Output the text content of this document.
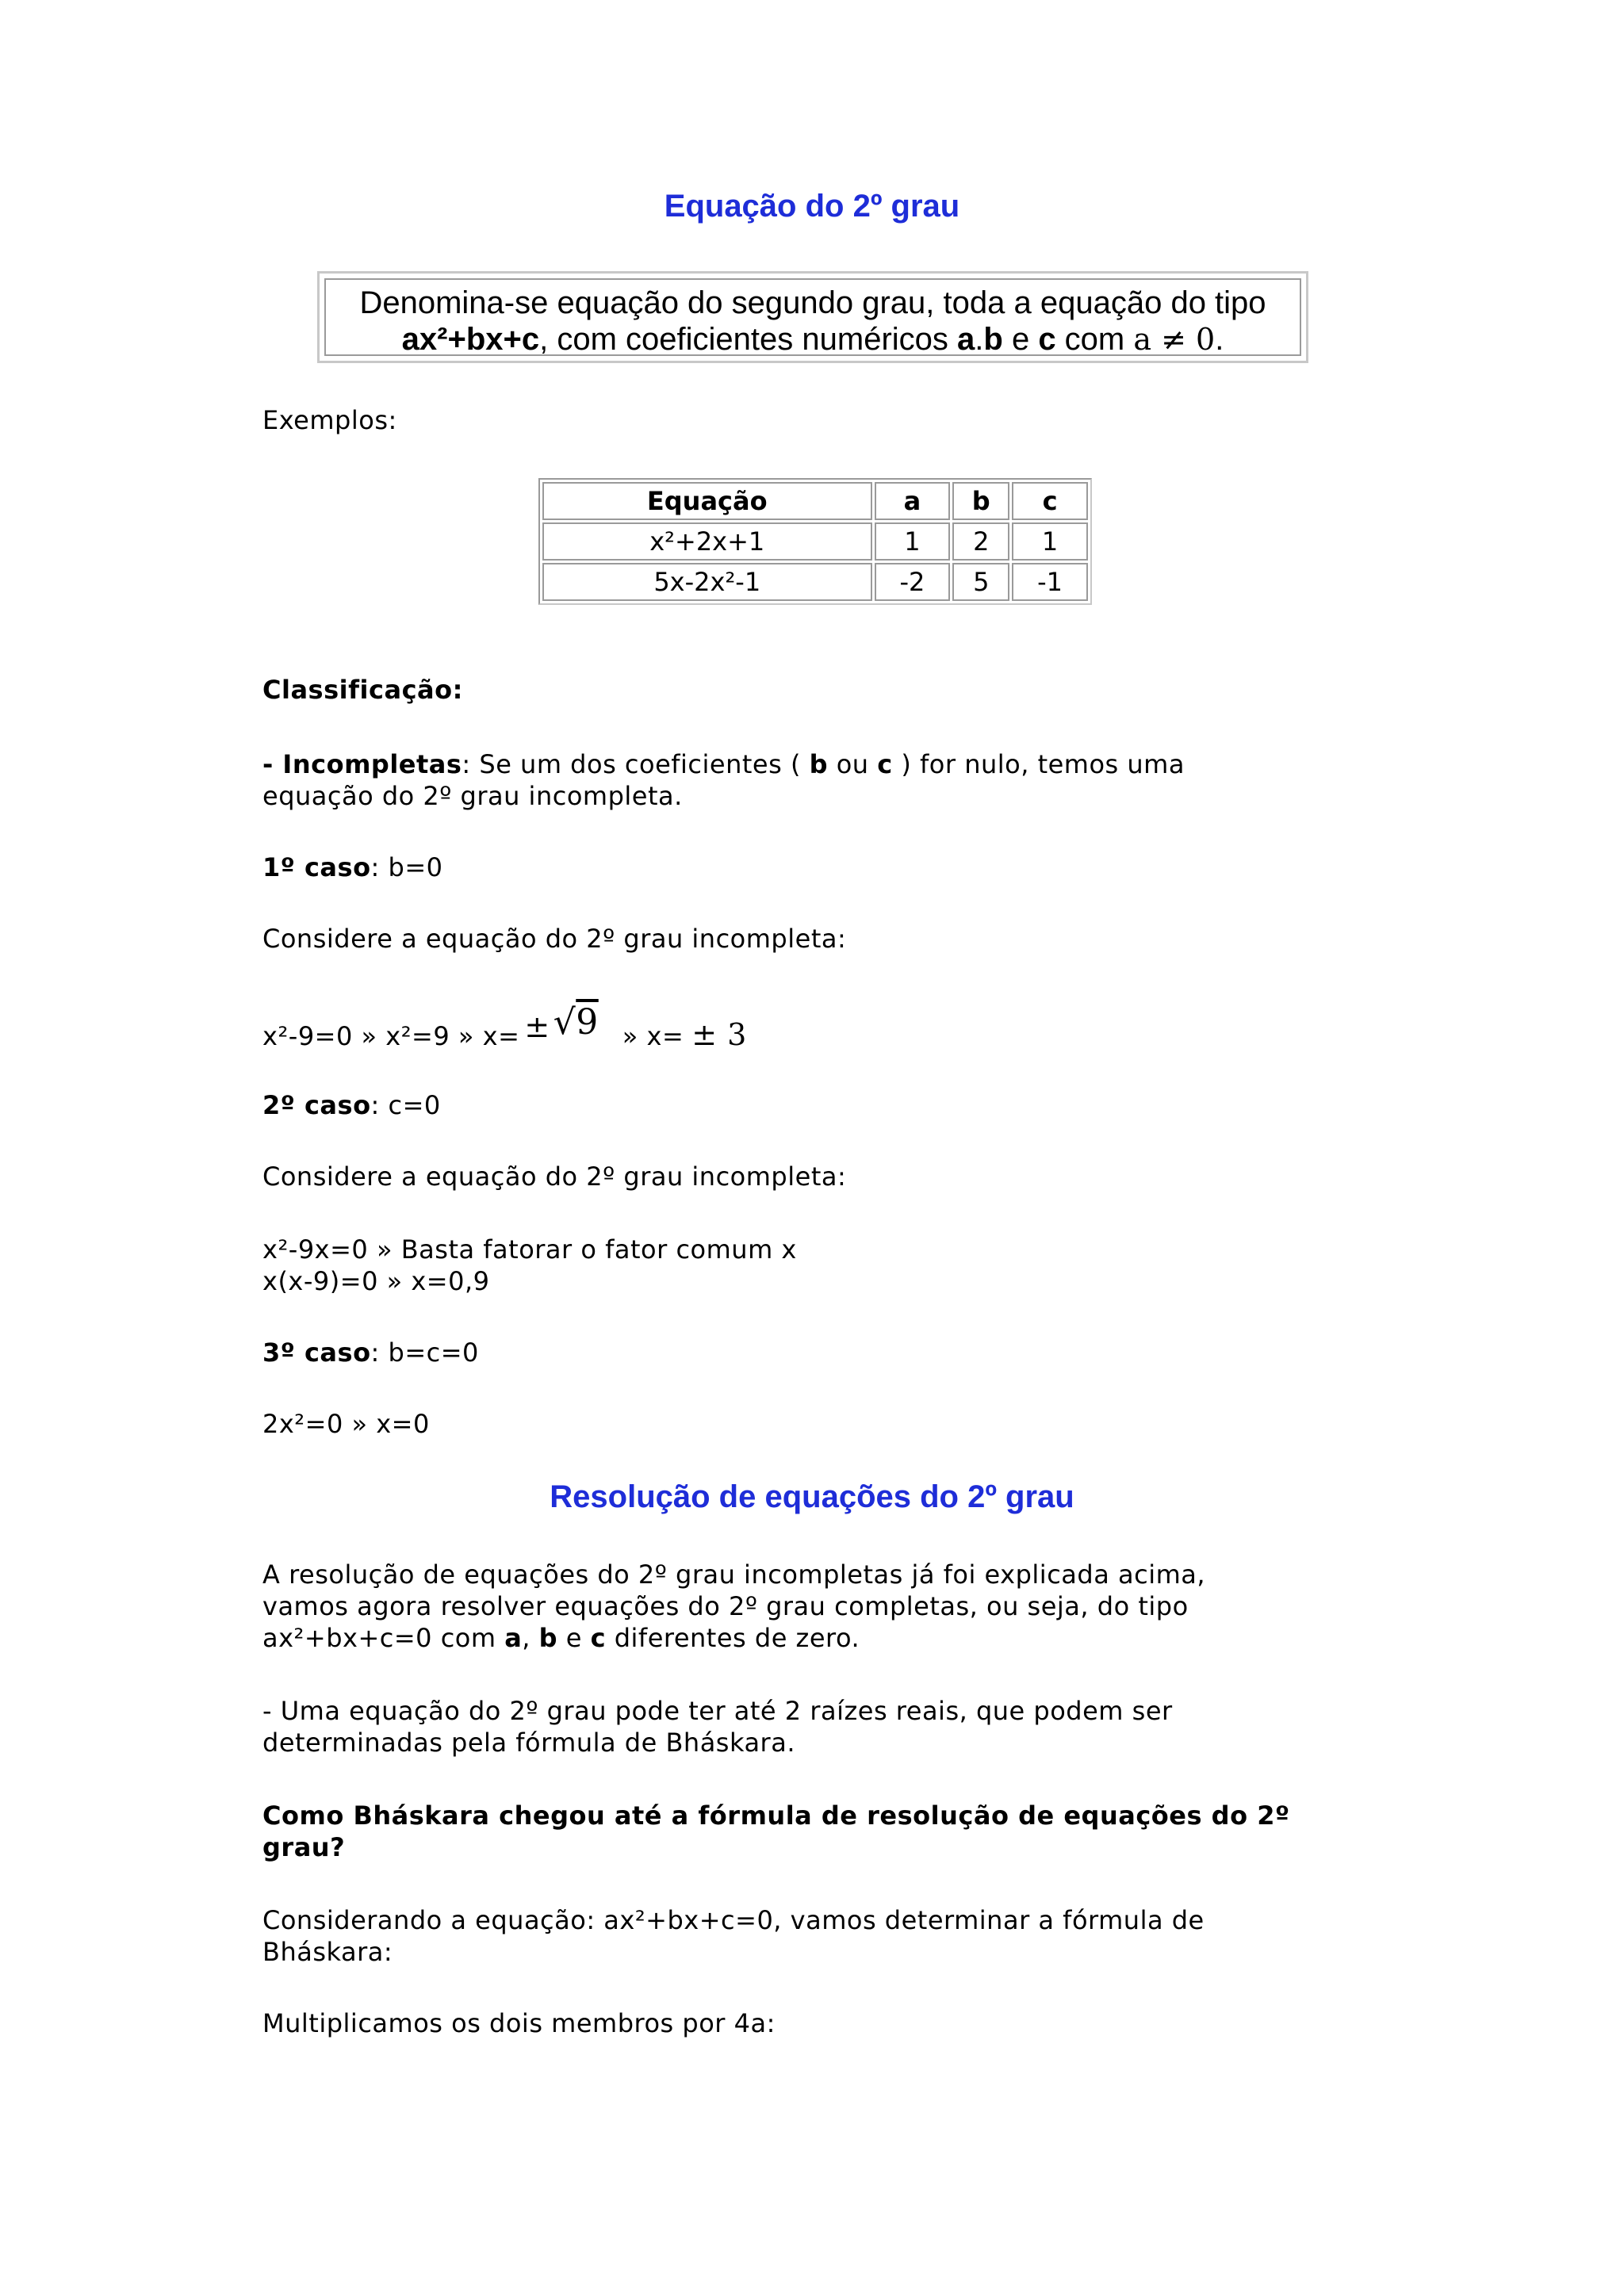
Equação do 2º grau
Denomina-se equação do segundo grau, toda a equação do tipo
ax²+bx+c, com coeficientes numéricos a.b e c com a ≠ 0.
Exemplos:
Equação	a	b	c
x²+2x+1	1	2	1
5x-2x²-1	-2	5	-1
Classificação:
- Incompletas: Se um dos coeficientes ( b ou c ) for nulo, temos uma
equação do 2º grau incompleta.
1º caso: b=0
Considere a equação do 2º grau incompleta:
x²-9=0 » x²=9 » x= ±√9 » x= ± 3
2º caso: c=0
Considere a equação do 2º grau incompleta:
x²-9x=0 » Basta fatorar o fator comum x
x(x-9)=0 » x=0,9
3º caso: b=c=0
2x²=0 » x=0
Resolução de equações do 2º grau
A resolução de equações do 2º grau incompletas já foi explicada acima,
vamos agora resolver equações do 2º grau completas, ou seja, do tipo
ax²+bx+c=0 com a, b e c diferentes de zero.
- Uma equação do 2º grau pode ter até 2 raízes reais, que podem ser
determinadas pela fórmula de Bháskara.
Como Bháskara chegou até a fórmula de resolução de equações do 2º
grau?
Considerando a equação: ax²+bx+c=0, vamos determinar a fórmula de
Bháskara:
Multiplicamos os dois membros por 4a:
